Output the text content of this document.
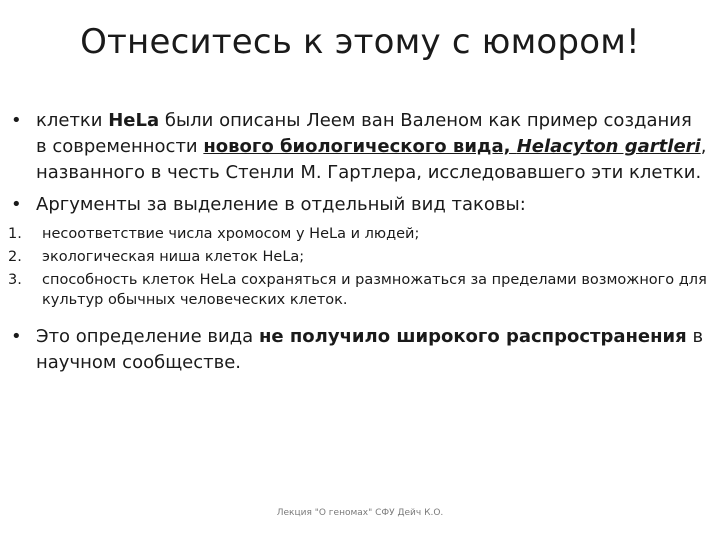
Отнеситесь к этому с юмором!
• клетки HeLa были описаны Леем ван Валеном как пример создания в современности нового биологического вида, Helacyton gartleri, названного в честь Стенли М. Гартлера, исследовавшего эти клетки.
• Аргументы за выделение в отдельный вид таковы:
1. несоответствие числа хромосом у HeLa и людей;
2. экологическая ниша клеток HeLa;
3. способность клеток HeLa сохраняться и размножаться за пределами возможного для культур обычных человеческих клеток.
• Это определение вида не получило широкого распространения в научном сообществе.
Лекция "О геномах" СФУ Дейч К.О.
